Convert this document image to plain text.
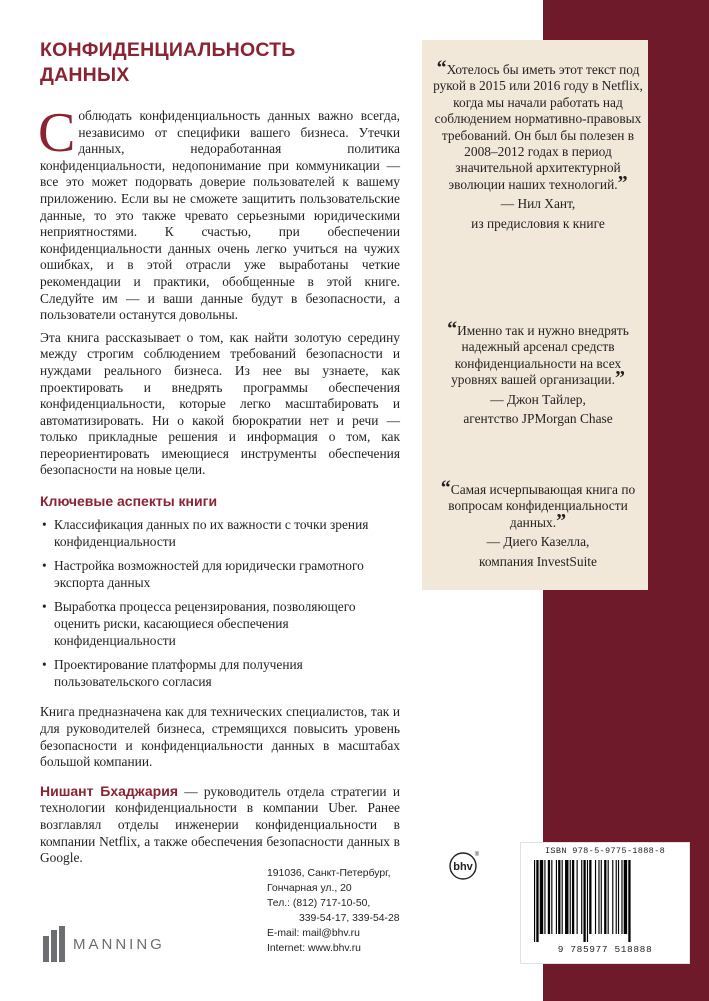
КОНФИДЕНЦИАЛЬНОСТЬ ДАННЫХ

Соблюдать конфиденциальность данных важно всегда, независимо от специфики вашего бизнеса. Утечки данных, недоработанная политика конфиденциальности, недопонимание при коммуникации — все это может подорвать доверие пользователей к вашему приложению. Если вы не сможете защитить пользовательские данные, то это также чревато серьезными юридическими неприятностями. К счастью, при обеспечении конфиденциальности данных очень легко учиться на чужих ошибках, и в этой отрасли уже выработаны четкие рекомендации и практики, обобщенные в этой книге. Следуйте им — и ваши данные будут в безопасности, а пользователи останутся довольны.

Эта книга рассказывает о том, как найти золотую середину между строгим соблюдением требований безопасности и нуждами реального бизнеса. Из нее вы узнаете, как проектировать и внедрять программы обеспечения конфиденциальности, которые легко масштабировать и автоматизировать. Ни о какой бюрократии нет и речи — только прикладные решения и информация о том, как переориентировать имеющиеся инструменты обеспечения безопасности на новые цели.

Ключевые аспекты книги
• Классификация данных по их важности с точки зрения конфиденциальности
• Настройка возможностей для юридически грамотного экспорта данных
• Выработка процесса рецензирования, позволяющего оценить риски, касающиеся обеспечения конфиденциальности
• Проектирование платформы для получения пользовательского согласия

Книга предназначена как для технических специалистов, так и для руководителей бизнеса, стремящихся повысить уровень безопасности и конфиденциальности данных в масштабах большой компании.

Нишант Бхаджария — руководитель отдела стратегии и технологии конфиденциальности в компании Uber. Ранее возглавлял отделы инженерии конфиденциальности в компании Netflix, а также обеспечения безопасности данных в Google.

“Хотелось бы иметь этот текст под рукой в 2015 или 2016 году в Netflix, когда мы начали работать над соблюдением нормативно-правовых требований. Он был бы полезен в 2008–2012 годах в период значительной архитектурной эволюции наших технологий.”

— Нил Хант,
из предисловия к книге

“Именно так и нужно внедрять надежный арсенал средств конфиденциальности на всех уровнях вашей организации.”

— Джон Тайлер,
агентство JPMorgan Chase

“Самая исчерпывающая книга по вопросам конфиденциальности данных.”

— Диего Казелла,
компания InvestSuite
bhv
®
191036, Санкт-Петербург,
Гончарная ул., 20
Тел.: (812) 717-10-50,
339-54-17, 339-54-28
E-mail: mail@bhv.ru
Internet: www.bhv.ru
MANNING
ISBN 978-5-9775-1888-8
9 785977 518888
